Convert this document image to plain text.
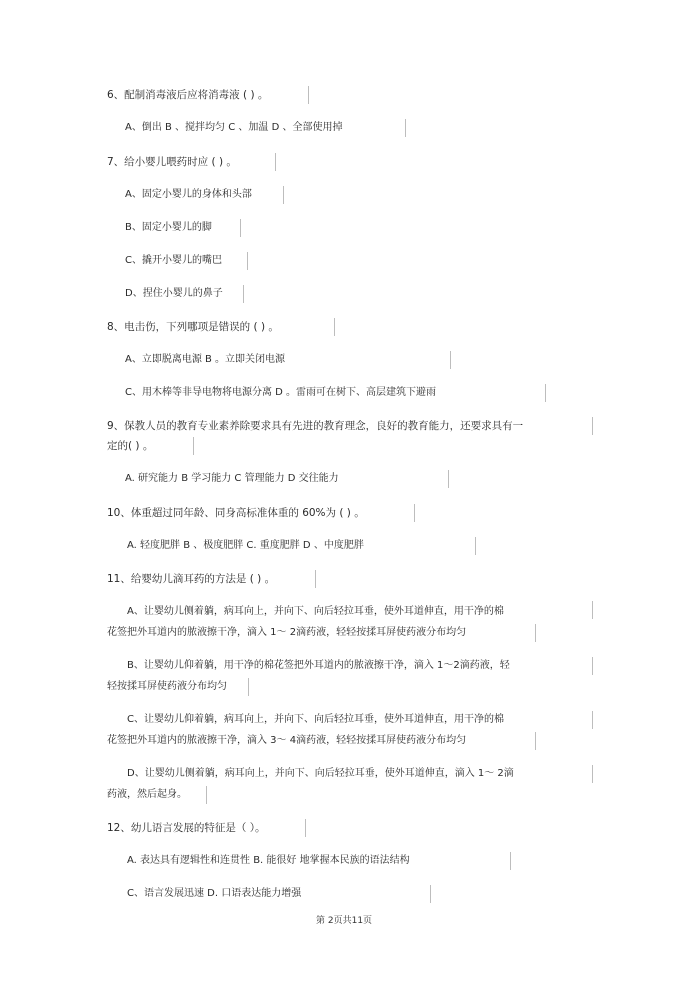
6、配制消毒液后应将消毒液 ( ) 。
A、倒出 B 、搅拌均匀 C 、加温 D 、全部使用掉
7、给小婴儿喂药时应 ( ) 。
A、固定小婴儿的身体和头部
B、固定小婴儿的脚
C、撬开小婴儿的嘴巴
D、捏住小婴儿的鼻子
8、电击伤，下列哪项是错误的 ( ) 。
A、立即脱离电源 B 。立即关闭电源
C、用木棒等非导电物将电源分离 D 。雷雨可在树下、高层建筑下避雨
9、保教人员的教育专业素养除要求具有先进的教育理念，良好的教育能力，还要求具有一
定的( ) 。
A. 研究能力 B 学习能力 C 管理能力 D 交往能力
10、体重超过同年龄、同身高标准体重的 60%为 ( ) 。
A. 轻度肥胖 B 、极度肥胖 C. 重度肥胖 D 、中度肥胖
11、给婴幼儿滴耳药的方法是 ( ) 。
A、让婴幼儿侧着躺，病耳向上，并向下、向后轻拉耳垂，使外耳道伸直，用干净的棉
花签把外耳道内的脓液擦干净，滴入 1～ 2滴药液，轻轻按揉耳屏使药液分布均匀
B、让婴幼儿仰着躺，用干净的棉花签把外耳道内的脓液擦干净，滴入 1～2滴药液，轻
轻按揉耳屏使药液分布均匀
C、让婴幼儿仰着躺，病耳向上，并向下、向后轻拉耳垂，使外耳道伸直，用干净的棉
花签把外耳道内的脓液擦干净，滴入 3～ 4滴药液，轻轻按揉耳屏使药液分布均匀
D、让婴幼儿侧着躺，病耳向上，并向下、向后轻拉耳垂，使外耳道伸直，滴入 1～ 2滴
药液，然后起身。
12、幼儿语言发展的特征是（ ）。
A. 表达具有逻辑性和连贯性 B. 能很好 地掌握本民族的语法结构
C、语言发展迅速 D. 口语表达能力增强
第 2页共11页
